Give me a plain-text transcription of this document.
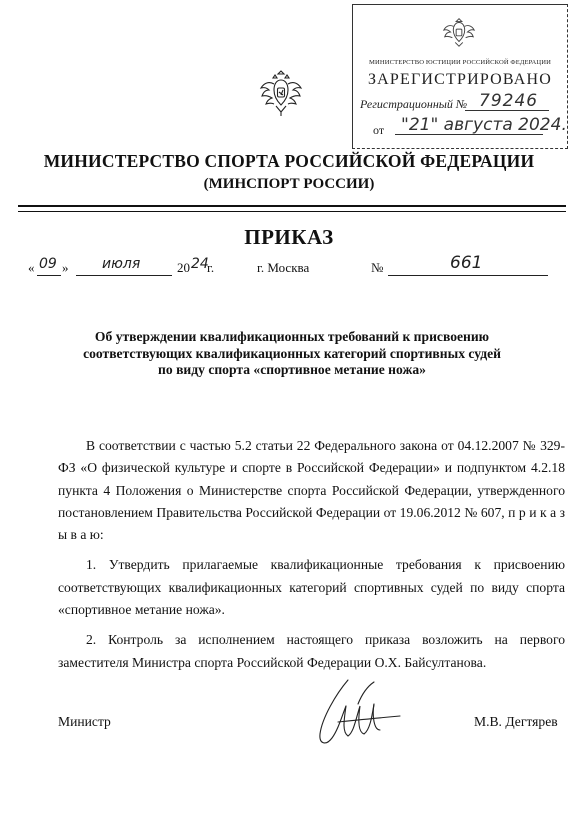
МИНИСТЕРСТВО ЮСТИЦИИ РОССИЙСКОЙ ФЕДЕРАЦИИ
ЗАРЕГИСТРИРОВАНО
Регистрационный № 79246
от "21" августа 2024.
МИНИСТЕРСТВО СПОРТА РОССИЙСКОЙ ФЕДЕРАЦИИ
(МИНСПОРТ РОССИИ)
ПРИКАЗ
« 09 » июля	20 24
г.	г. Москва	№	661
Об утверждении квалификационных требований к присвоению
соответствующих квалификационных категорий спортивных судей
по виду спорта «спортивное метание ножа»

В соответствии с частью 5.2 статьи 22 Федерального закона от 04.12.2007 № 329-ФЗ «О физической культуре и спорте в Российской Федерации» и подпунктом 4.2.18 пункта 4 Положения о Министерстве спорта Российской Федерации, утвержденного постановлением Правительства Российской Федерации от 19.06.2012 № 607, п р и к а з ы в а ю:

1. Утвердить прилагаемые квалификационные требования к присвоению соответствующих квалификационных категорий спортивных судей по виду спорта «спортивное метание ножа».

2. Контроль за исполнением настоящего приказа возложить на первого заместителя Министра спорта Российской Федерации О.Х. Байсултанова.

Министр	М.В. Дегтярев
